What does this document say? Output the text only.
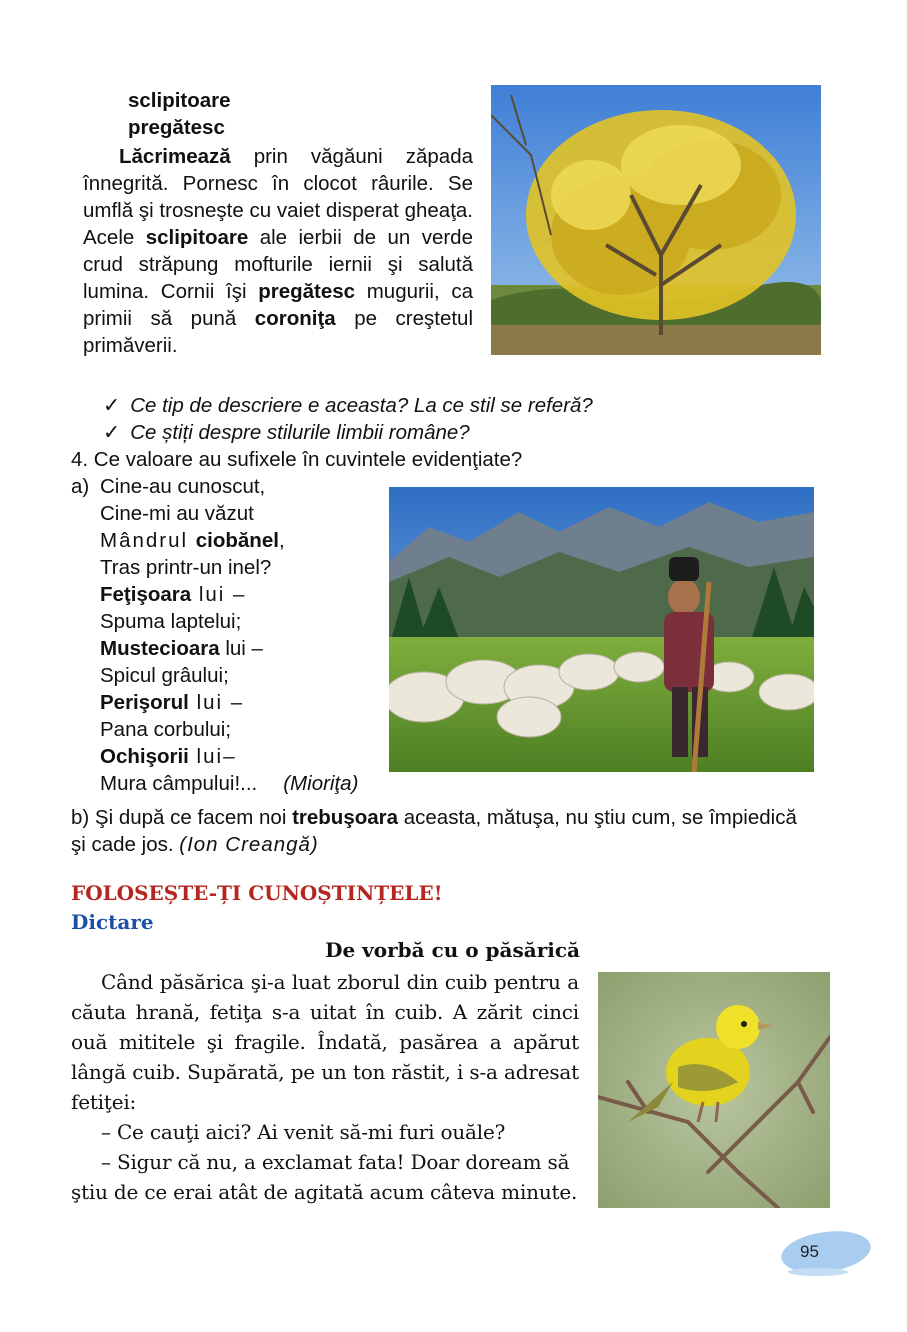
sclipitoare
pregătesc
Lăcrimează prin văgăuni zăpada înnegrită. Pornesc în clocot râurile. Se umflă şi trosneşte cu vaiet disperat gheaţa. Acele sclipitoare ale ierbii de un verde crud străpung mofturile iernii şi salută lumina. Cornii îşi pregătesc mugurii, ca primii să pună coroniţa pe creştetul primăverii.
✓ Ce tip de descriere e aceasta? La ce stil se referă?
✓ Ce știți despre stilurile limbii române?
4. Ce valoare au sufixele în cuvintele evidenţiate?
a) Cine-au cunoscut,
Cine-mi au văzut
Mândrul ciobănel,
Tras printr-un inel?
Feţişoara lui –
Spuma laptelui;
Mustecioara lui –
Spicul grâului;
Perişorul lui –
Pana corbului;
Ochişorii lui–
Mura câmpului!... (Mioriţa)
b) Şi după ce facem noi trebuşoara aceasta, mătuşa, nu ştiu cum, se împiedică şi cade jos. (Ion Creangă)
FOLOSEȘTE-ȚI CUNOȘTINȚELE!
Dictare
De vorbă cu o păsărică

Când păsărica şi-a luat zborul din cuib pentru a căuta hrană, fetiţa s-a uitat în cuib. A zărit cinci ouă mititele şi fragile. Îndată, pasărea a apărut lângă cuib. Supărată, pe un ton răstit, i s-a adresat fetiţei:

– Ce cauţi aici? Ai venit să-mi furi ouăle?

– Sigur că nu, a exclamat fata! Doar doream să ştiu de ce erai atât de agitată acum câteva minute.

95
